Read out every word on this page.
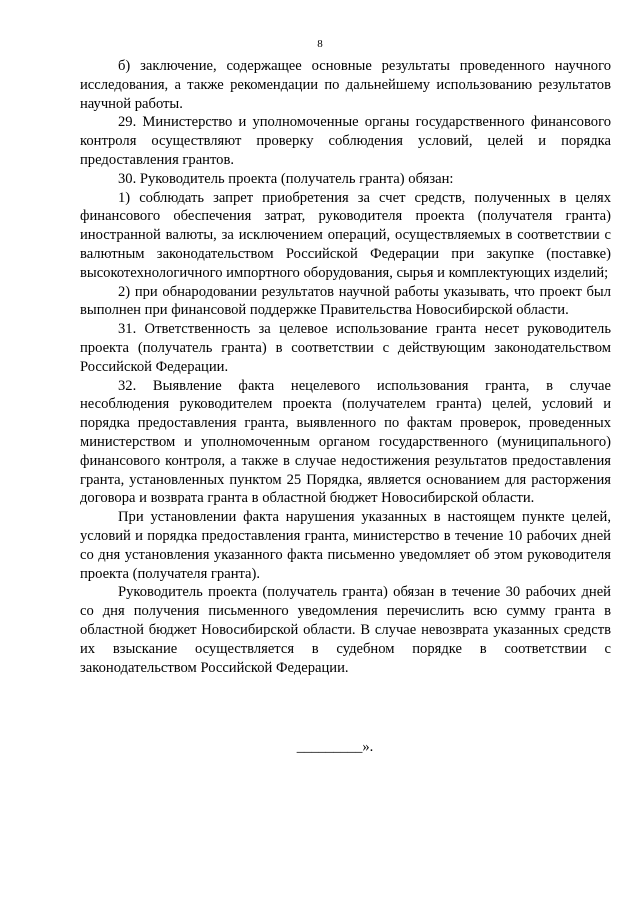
8

б) заключение, содержащее основные результаты проведенного научного исследования, а также рекомендации по дальнейшему использованию результатов научной работы.

29. Министерство и уполномоченные органы государственного финансового контроля осуществляют проверку соблюдения условий, целей и порядка предоставления грантов.

30. Руководитель проекта (получатель гранта) обязан:

1) соблюдать запрет приобретения за счет средств, полученных в целях финансового обеспечения затрат, руководителя проекта (получателя гранта) иностранной валюты, за исключением операций, осуществляемых в соответствии с валютным законодательством Российской Федерации при закупке (поставке) высокотехнологичного импортного оборудования, сырья и комплектующих изделий;

2) при обнародовании результатов научной работы указывать, что проект был выполнен при финансовой поддержке Правительства Новосибирской области.

31. Ответственность за целевое использование гранта несет руководитель проекта (получатель гранта) в соответствии с действующим законодательством Российской Федерации.

32. Выявление факта нецелевого использования гранта, в случае несоблюдения руководителем проекта (получателем гранта) целей, условий и порядка предоставления гранта, выявленного по фактам проверок, проведенных министерством и уполномоченным органом государственного (муниципального) финансового контроля, а также в случае недостижения результатов предоставления гранта, установленных пунктом 25 Порядка, является основанием для расторжения договора и возврата гранта в областной бюджет Новосибирской области.

При установлении факта нарушения указанных в настоящем пункте целей, условий и порядка предоставления гранта, министерство в течение 10 рабочих дней со дня установления указанного факта письменно уведомляет об этом руководителя проекта (получателя гранта).

Руководитель проекта (получатель гранта) обязан в течение 30 рабочих дней со дня получения письменного уведомления перечислить всю сумму гранта в областной бюджет Новосибирской области. В случае невозврата указанных средств их взыскание осуществляется в судебном порядке в соответствии с законодательством Российской Федерации.

_________».
